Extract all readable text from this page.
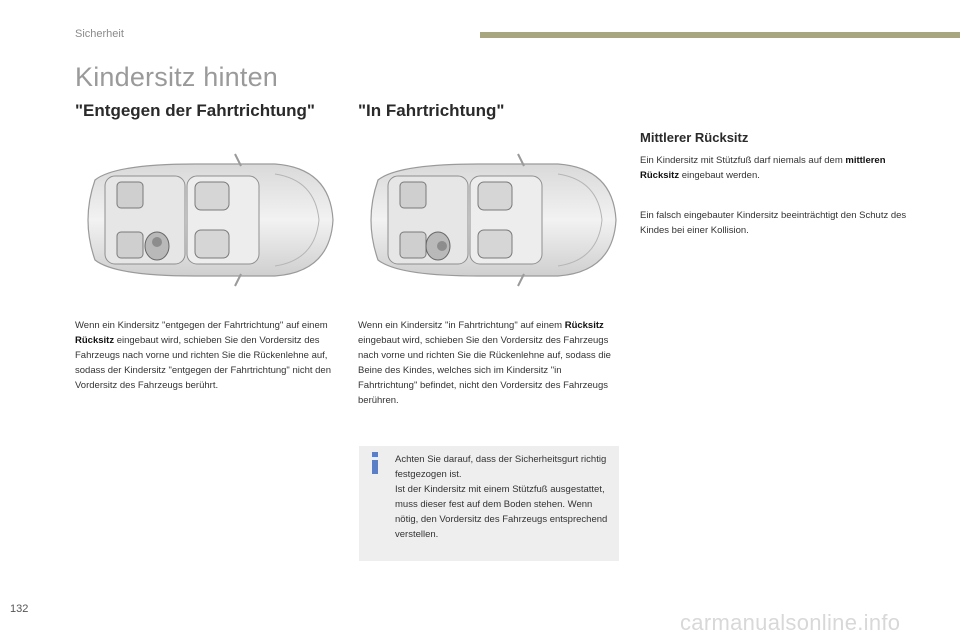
Sicherheit
Kindersitz hinten
"Entgegen der Fahrtrichtung"	"In Fahrtrichtung"
Mittlerer Rücksitz

Ein Kindersitz mit Stützfuß darf niemals auf dem mittleren Rücksitz eingebaut werden.

Ein falsch eingebauter Kindersitz beeinträchtigt den Schutz des Kindes bei einer Kollision.

Wenn ein Kindersitz "entgegen der Fahrtrichtung" auf einem Rücksitz eingebaut wird, schieben Sie den Vordersitz des Fahrzeugs nach vorne und richten Sie die Rückenlehne auf, sodass der Kindersitz "entgegen der Fahrtrichtung" nicht den Vordersitz des Fahrzeugs berührt.

Wenn ein Kindersitz "in Fahrtrichtung" auf einem Rücksitz eingebaut wird, schieben Sie den Vordersitz des Fahrzeugs nach vorne und richten Sie die Rückenlehne auf, sodass die Beine des Kindes, welches sich im Kindersitz "in Fahrtrichtung" befindet, nicht den Vordersitz des Fahrzeugs berühren.

Achten Sie darauf, dass der Sicherheitsgurt richtig festgezogen ist.
Ist der Kindersitz mit einem Stützfuß ausgestattet, muss dieser fest auf dem Boden stehen. Wenn nötig, den Vordersitz des Fahrzeugs entsprechend verstellen.

132
carmanualsonline.info
